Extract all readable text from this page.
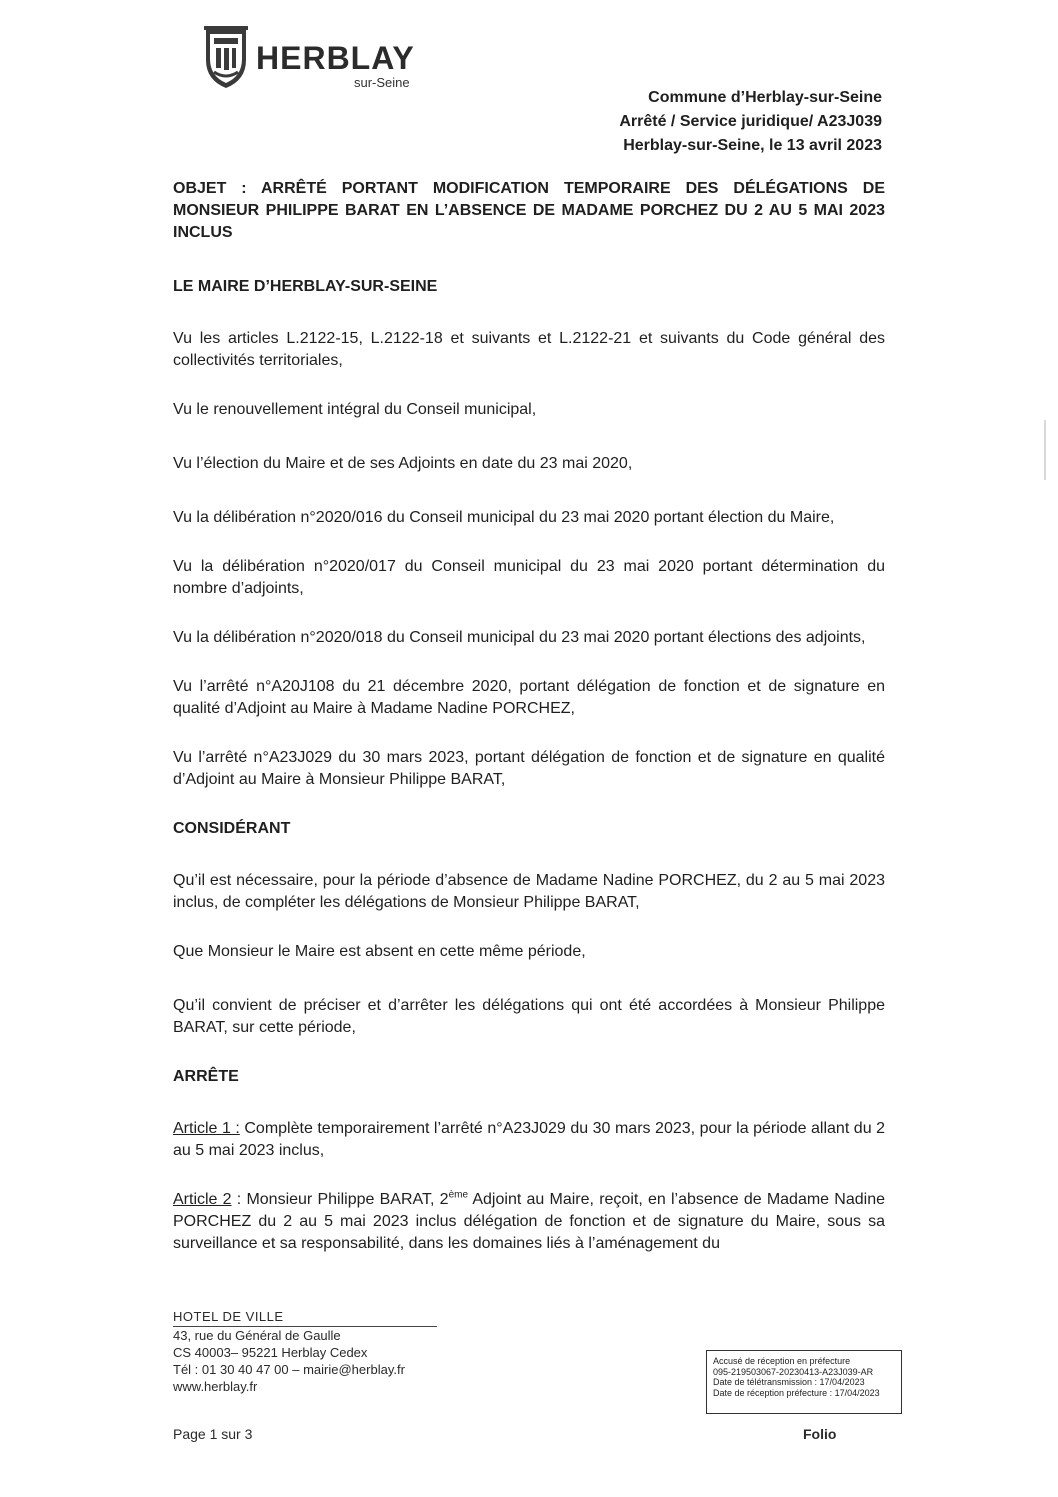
HERBLAY
sur-Seine
Commune d’Herblay-sur-Seine
Arrêté / Service juridique/ A23J039
Herblay-sur-Seine, le 13 avril 2023

OBJET : ARRÊTÉ PORTANT MODIFICATION TEMPORAIRE DES DÉLÉGATIONS DE MONSIEUR PHILIPPE BARAT EN L’ABSENCE DE MADAME PORCHEZ DU 2 AU 5 MAI 2023 INCLUS

LE MAIRE D’HERBLAY-SUR-SEINE

Vu les articles L.2122-15, L.2122-18 et suivants et L.2122-21 et suivants du Code général des collectivités territoriales,

Vu le renouvellement intégral du Conseil municipal,

Vu l’élection du Maire et de ses Adjoints en date du 23 mai 2020,

Vu la délibération n°2020/016 du Conseil municipal du 23 mai 2020 portant élection du Maire,

Vu la délibération n°2020/017 du Conseil municipal du 23 mai 2020 portant détermination du nombre d’adjoints,

Vu la délibération n°2020/018 du Conseil municipal du 23 mai 2020 portant élections des adjoints,

Vu l’arrêté n°A20J108 du 21 décembre 2020, portant délégation de fonction et de signature en qualité d’Adjoint au Maire à Madame Nadine PORCHEZ,

Vu l’arrêté n°A23J029 du 30 mars 2023, portant délégation de fonction et de signature en qualité d’Adjoint au Maire à Monsieur Philippe BARAT,

CONSIDÉRANT

Qu’il est nécessaire, pour la période d’absence de Madame Nadine PORCHEZ, du 2 au 5 mai 2023 inclus, de compléter les délégations de Monsieur Philippe BARAT,

Que Monsieur le Maire est absent en cette même période,

Qu’il convient de préciser et d’arrêter les délégations qui ont été accordées à Monsieur Philippe BARAT, sur cette période,

ARRÊTE

Article 1 : Complète temporairement l’arrêté n°A23J029 du 30 mars 2023, pour la période allant du 2 au 5 mai 2023 inclus,

Article 2 : Monsieur Philippe BARAT, 2ème Adjoint au Maire, reçoit, en l’absence de Madame Nadine PORCHEZ du 2 au 5 mai 2023 inclus délégation de fonction et de signature du Maire, sous sa surveillance et sa responsabilité, dans les domaines liés à l’aménagement du

HOTEL DE VILLE
43, rue du Général de Gaulle
CS 40003– 95221 Herblay Cedex
Tél : 01 30 40 47 00 – mairie@herblay.fr
www.herblay.fr
Accusé de réception en préfecture
095-219503067-20230413-A23J039-AR
Date de télétransmission : 17/04/2023
Date de réception préfecture : 17/04/2023
Page 1 sur 3	Folio
